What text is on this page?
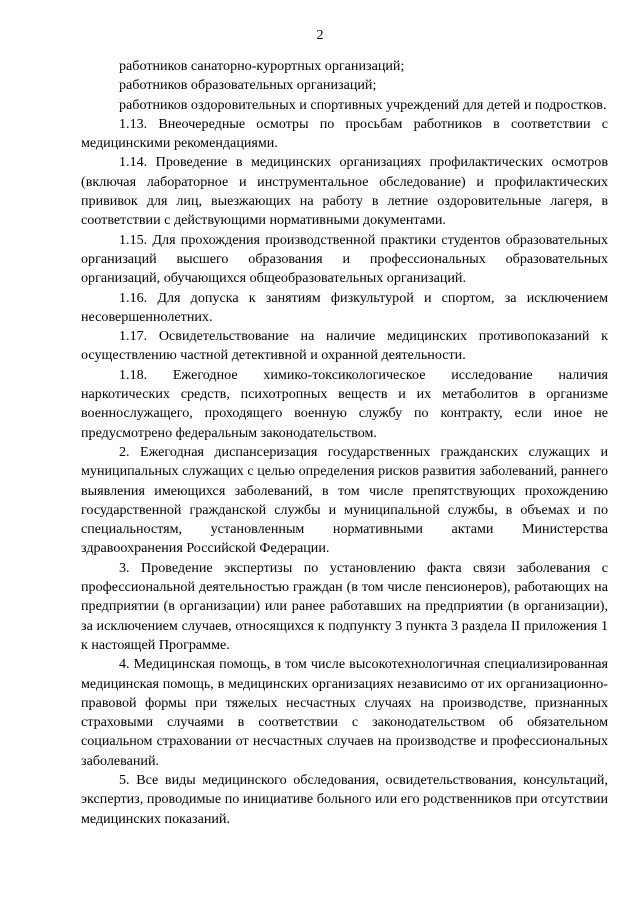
2

работников санаторно-курортных организаций;

работников образовательных организаций;

работников оздоровительных и спортивных учреждений для детей и подростков.

1.13. Внеочередные осмотры по просьбам работников в соответствии с медицинскими рекомендациями.

1.14. Проведение в медицинских организациях профилактических осмотров (включая лабораторное и инструментальное обследование) и профилактических прививок для лиц, выезжающих на работу в летние оздоровительные лагеря, в соответствии с действующими нормативными документами.

1.15. Для прохождения производственной практики студентов образовательных организаций высшего образования и профессиональных образовательных организаций, обучающихся общеобразовательных организаций.

1.16. Для допуска к занятиям физкультурой и спортом, за исключением несовершеннолетних.

1.17. Освидетельствование на наличие медицинских противопоказаний к осуществлению частной детективной и охранной деятельности.

1.18. Ежегодное химико-токсикологическое исследование наличия наркотических средств, психотропных веществ и их метаболитов в организме военнослужащего, проходящего военную службу по контракту, если иное не предусмотрено федеральным законодательством.

2. Ежегодная диспансеризация государственных гражданских служащих и муниципальных служащих с целью определения рисков развития заболеваний, раннего выявления имеющихся заболеваний, в том числе препятствующих прохождению государственной гражданской службы и муниципальной службы, в объемах и по специальностям, установленным нормативными актами Министерства здравоохранения Российской Федерации.

3. Проведение экспертизы по установлению факта связи заболевания с профессиональной деятельностью граждан (в том числе пенсионеров), работающих на предприятии (в организации) или ранее работавших на предприятии (в организации), за исключением случаев, относящихся к подпункту 3 пункта 3 раздела II приложения 1 к настоящей Программе.

4. Медицинская помощь, в том числе высокотехнологичная специализированная медицинская помощь, в медицинских организациях независимо от их организационно-правовой формы при тяжелых несчастных случаях на производстве, признанных страховыми случаями в соответствии с законодательством об обязательном социальном страховании от несчастных случаев на производстве и профессиональных заболеваний.

5. Все виды медицинского обследования, освидетельствования, консультаций, экспертиз, проводимые по инициативе больного или его родственников при отсутствии медицинских показаний.
